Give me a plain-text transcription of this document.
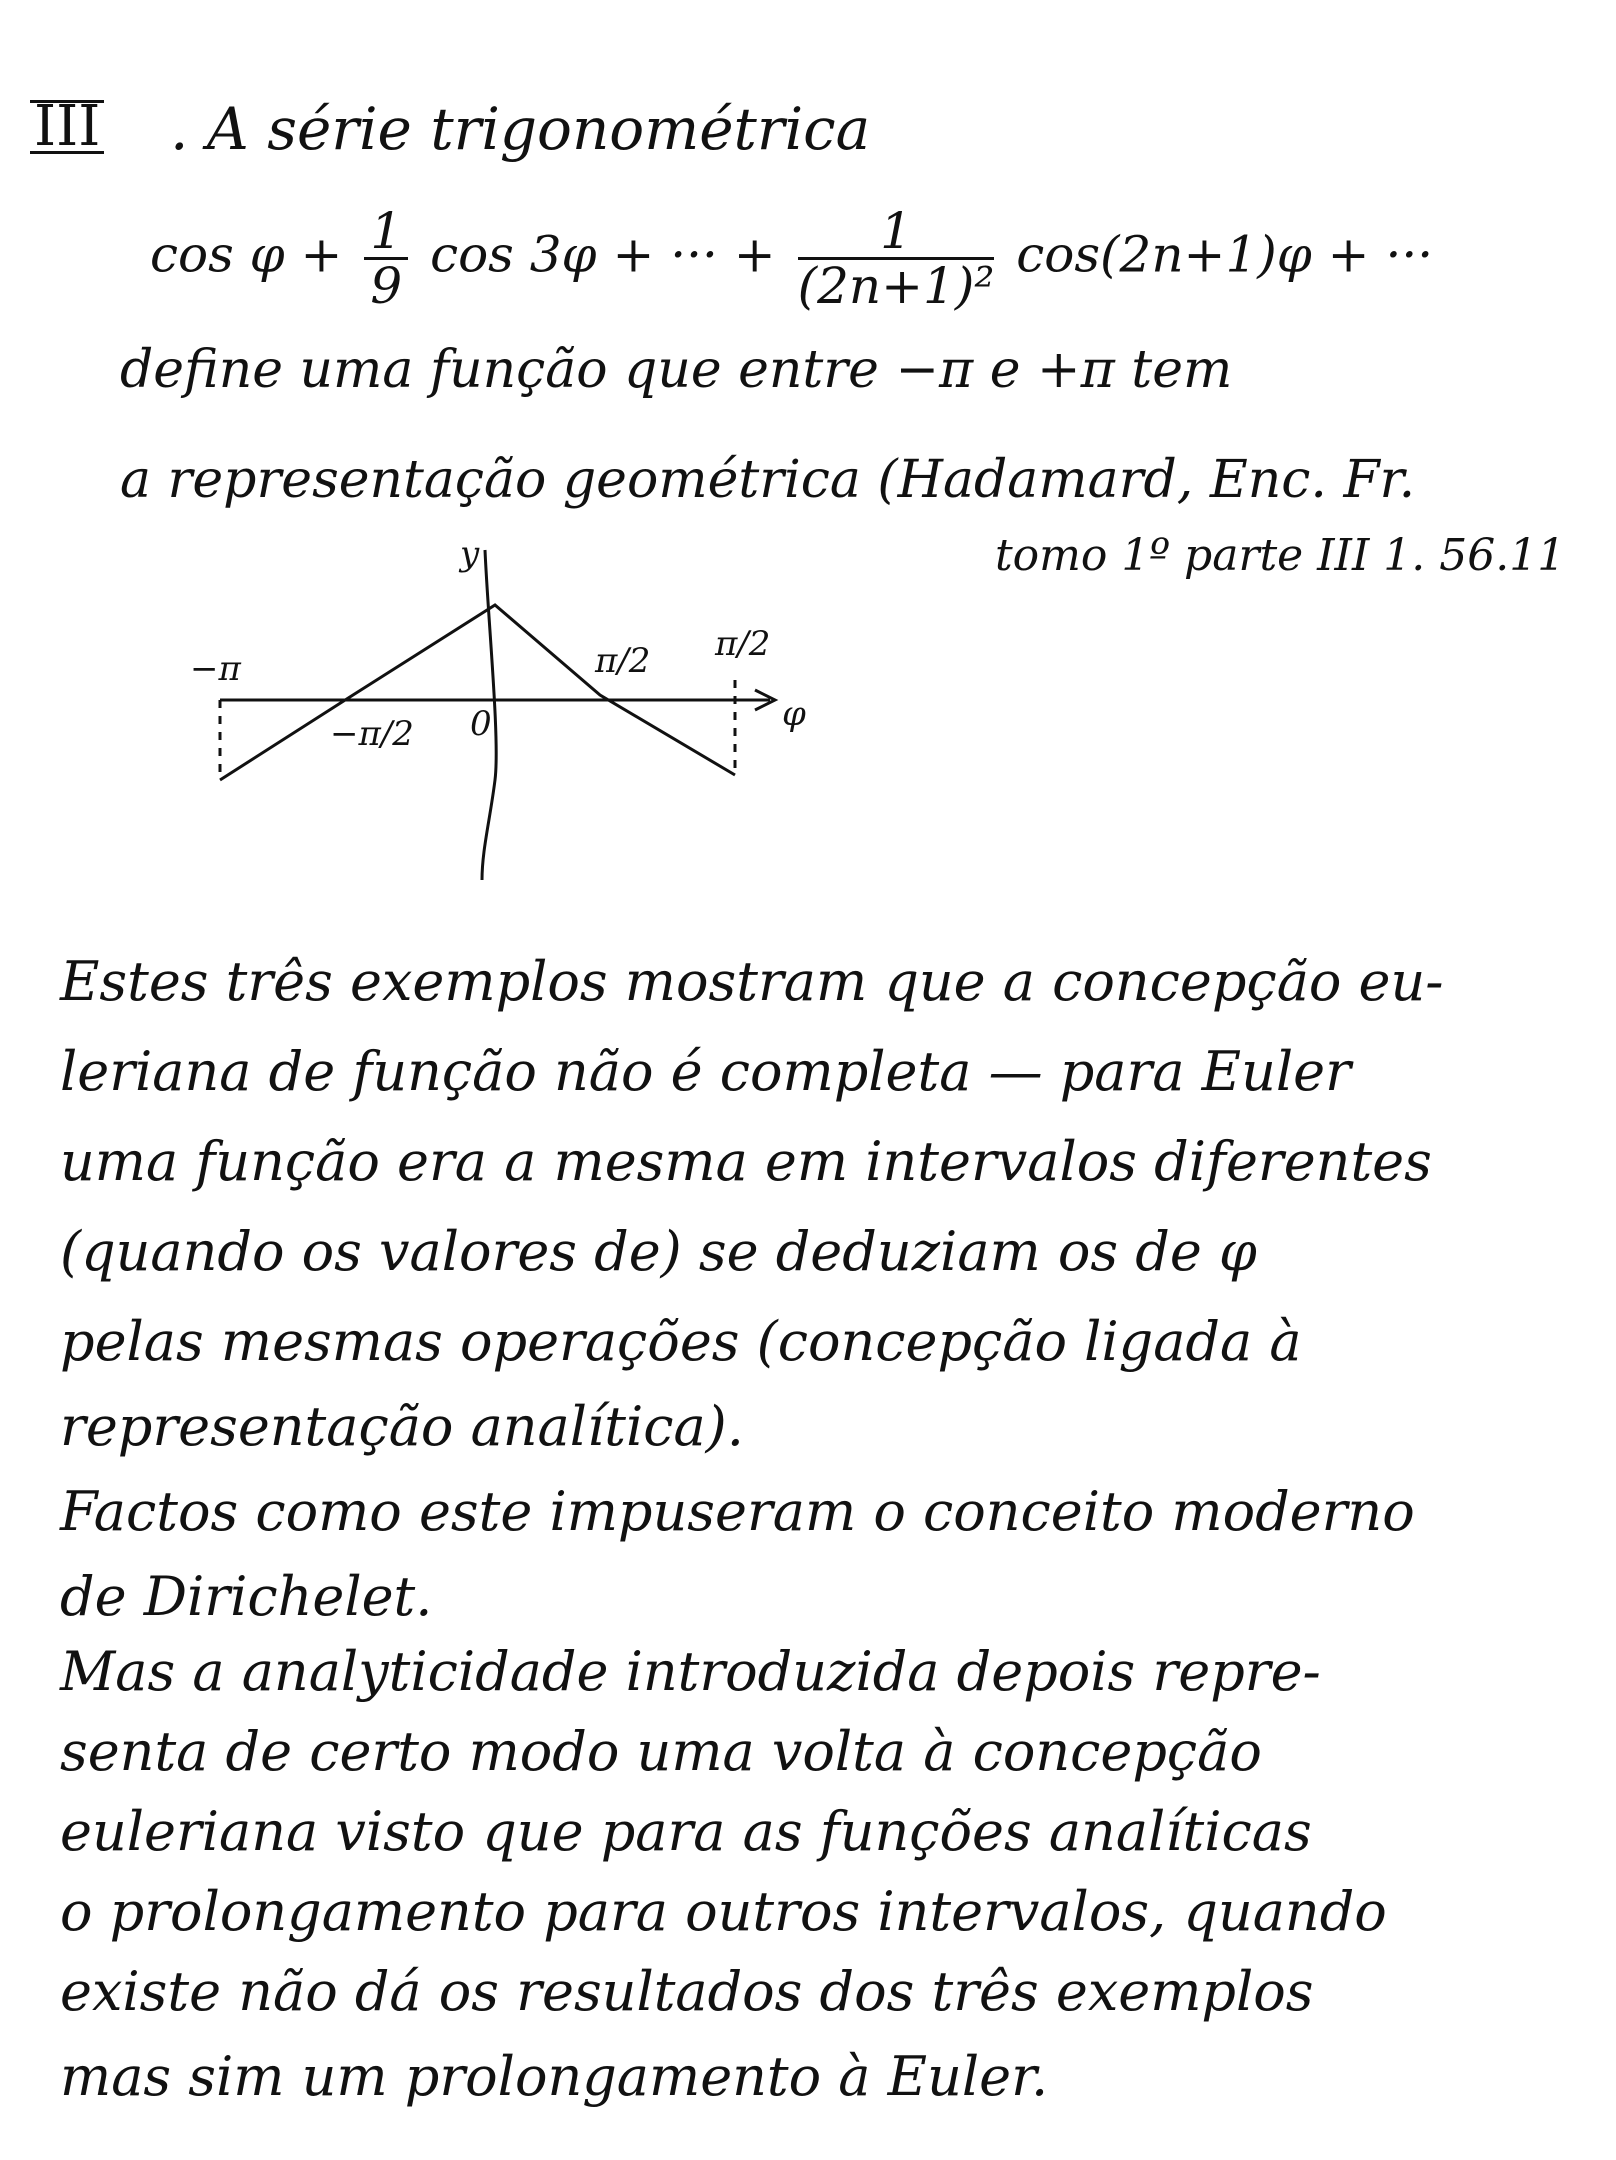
III . A série trigonométrica
$\cos \varphi + \frac{1}{9}$ cos 3φ + ··· + $\frac{1}{\text{(2n+1)²}} \cos(2n+1)\varphi$ + ···
define uma função que entre −π e +π tem
a representação geométrica (Hadamard, Enc. Fr.
tomo 1º parte III 1. 56.11
y
φ
0
−π
−π/2
π/2 π/2
Estes três exemplos mostram que a concepção eu-
leriana de função não é completa — para Euler
uma função era a mesma em intervalos diferentes
(quando os valores de) se deduziam os de φ
pelas mesmas operações (concepção ligada à
representação analítica).
Factos como este impuseram o conceito moderno
de Dirichelet.
Mas a analyticidade introduzida depois repre-
senta de certo modo uma volta à concepção
euleriana visto que para as funções analíticas
o prolongamento para outros intervalos, quando
existe não dá os resultados dos três exemplos
mas sim um prolongamento à Euler.
